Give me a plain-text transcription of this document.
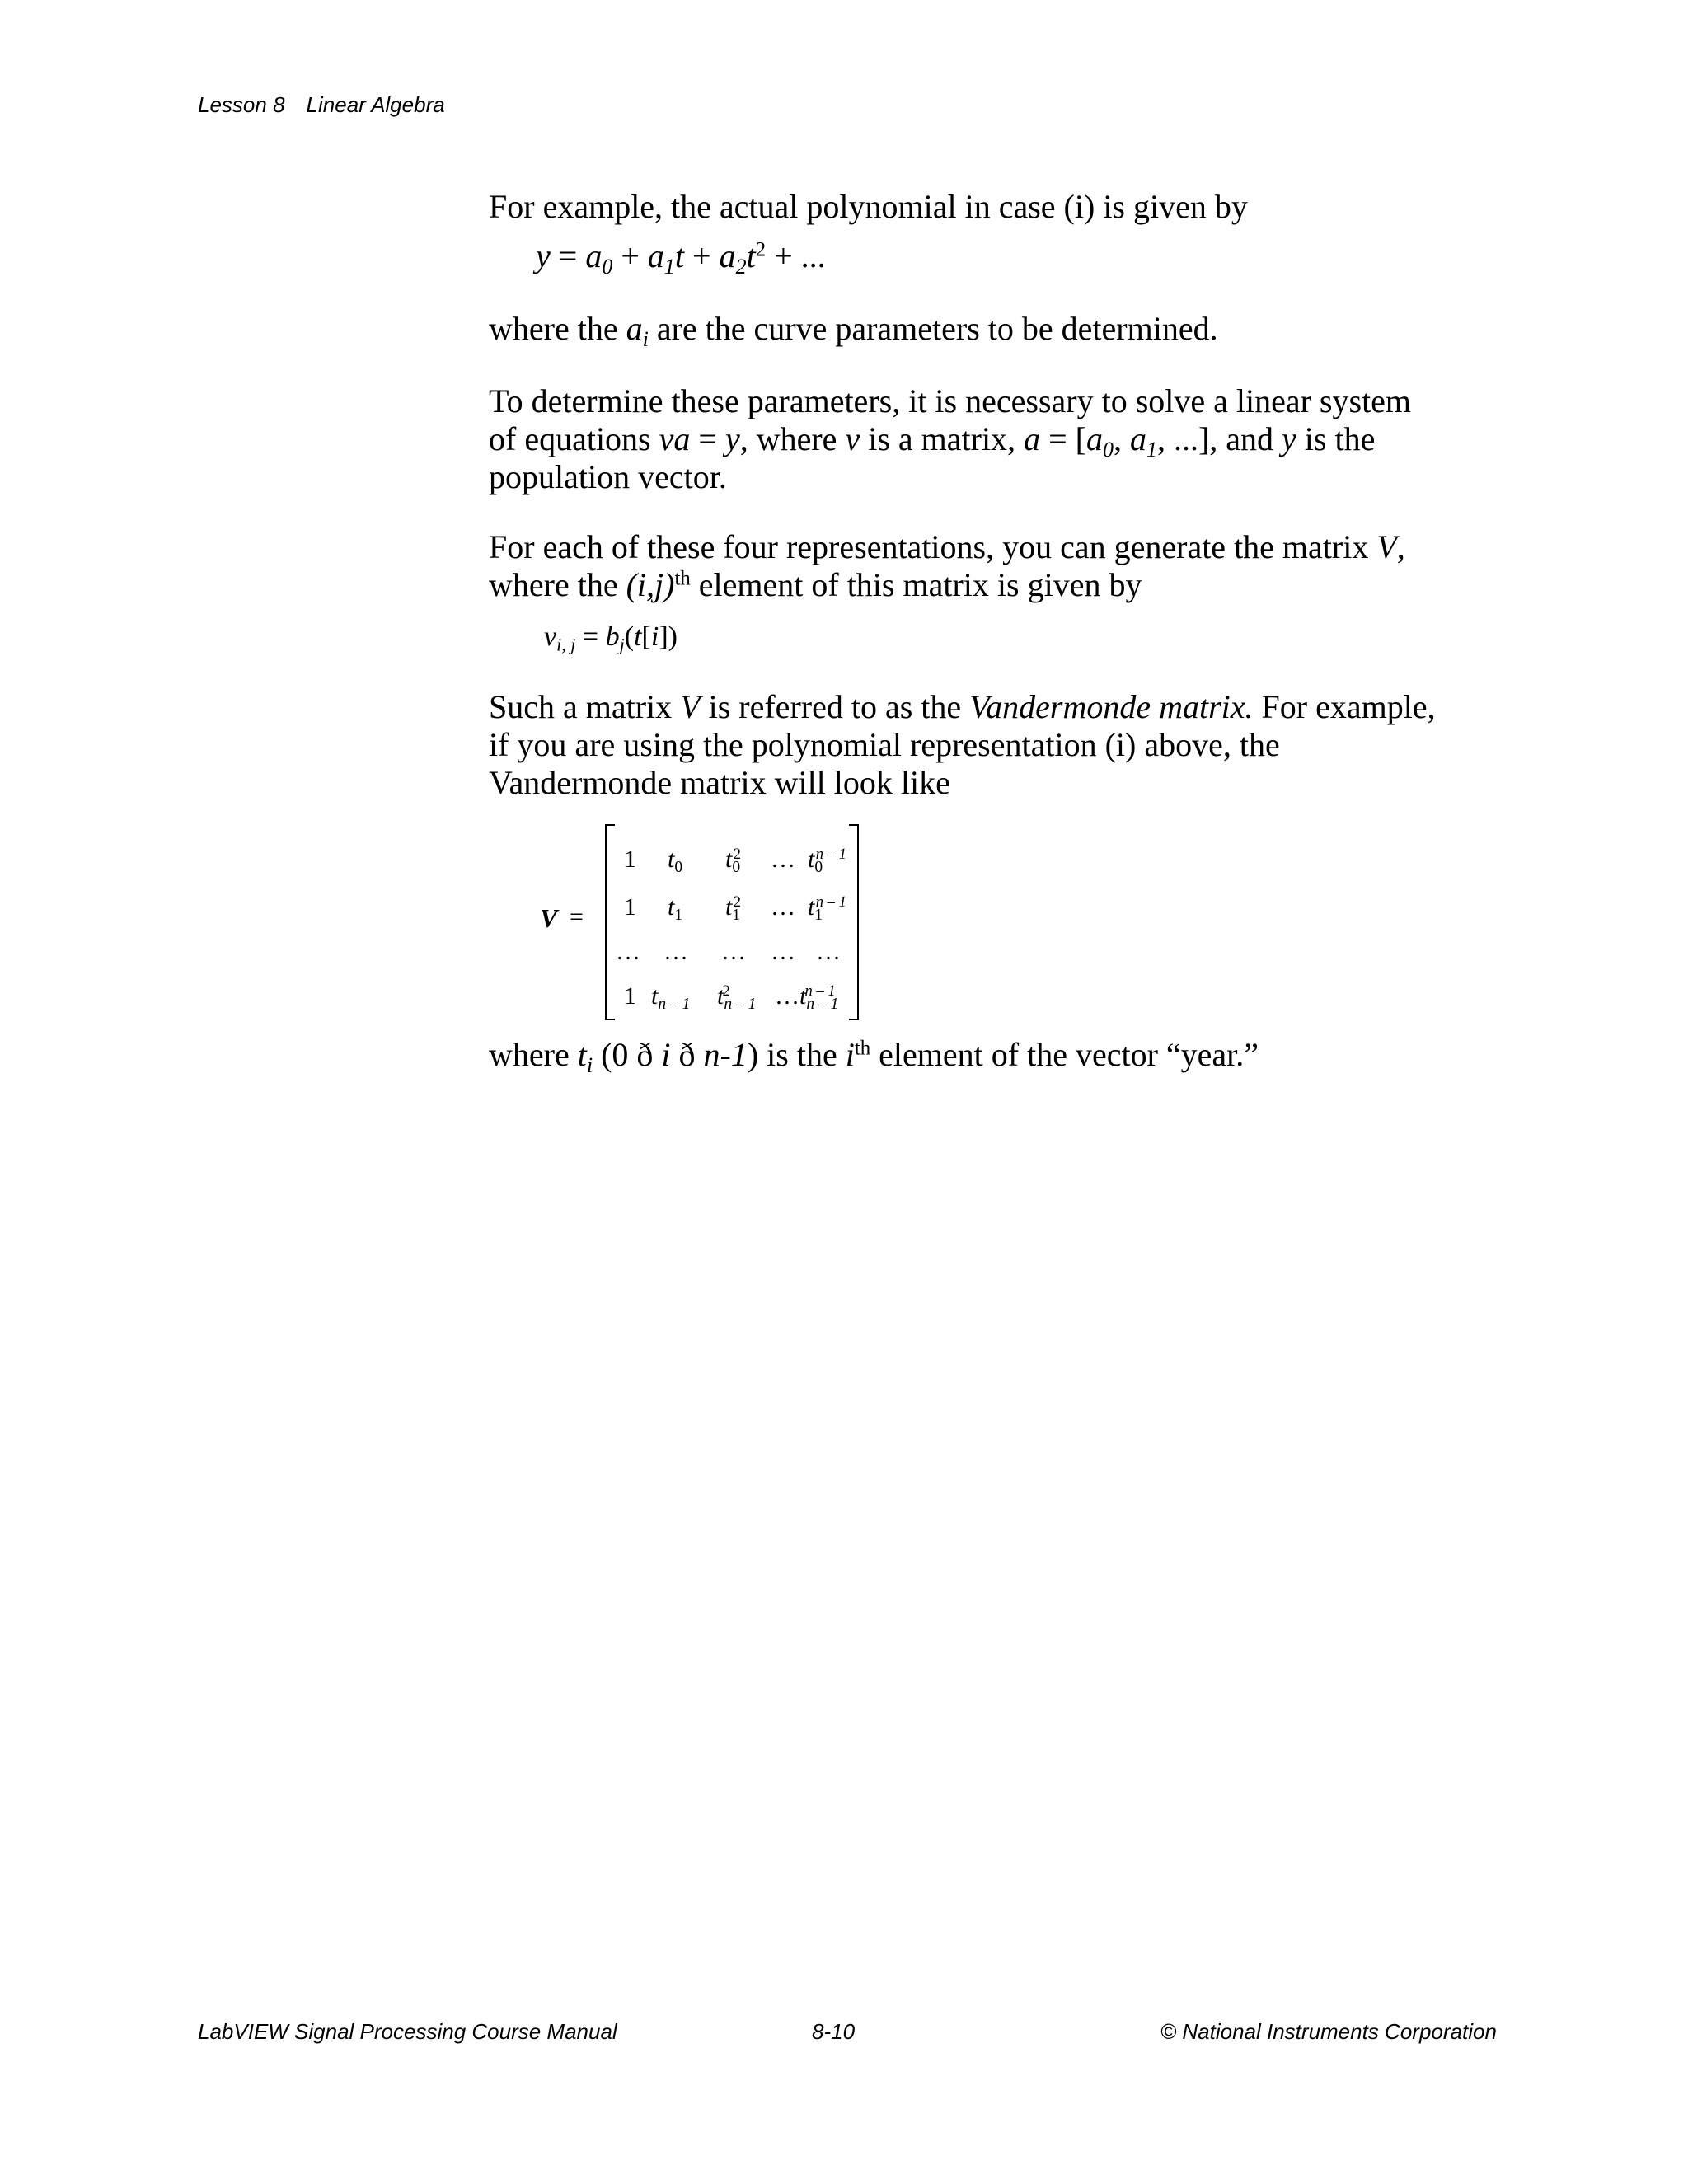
Lesson 8 Linear Algebra
For example, the actual polynomial in case (i) is given by
$y = a_0 + a_1t + a_2t^2$ + ...
where the $a_i$ are the curve parameters to be determined.
To determine these parameters, it is necessary to solve a linear system
of equations va = y, where v is a matrix, $a = [a_0$, $a_1$, ...], and y is the
population vector.
For each of these four representations, you can generate the matrix V,
where the $(i,j)^{th}$ element of this matrix is given by
$v_{i, j} = b_j(t[i])$
Such a matrix V is referred to as the Vandermonde matrix. For example,
if you are using the polynomial representation (i) above, the
Vandermonde matrix will look like
V =
1 $t_0$ $t_0^2$ … $t_0^{n - 1}$
1 $t_1$ $t_1^2$ … $t_1^{n - 1}$
… … … … …
1 $t_{n - 1}$ $t_{n - 1}^2$ … $t_{n - 1}^{n - 1}$
where $t_i$ (0 ð i ð n-1) is the $i^{th}$ element of the vector “year.”
LabVIEW Signal Processing Course Manual	8-10	© National Instruments Corporation
